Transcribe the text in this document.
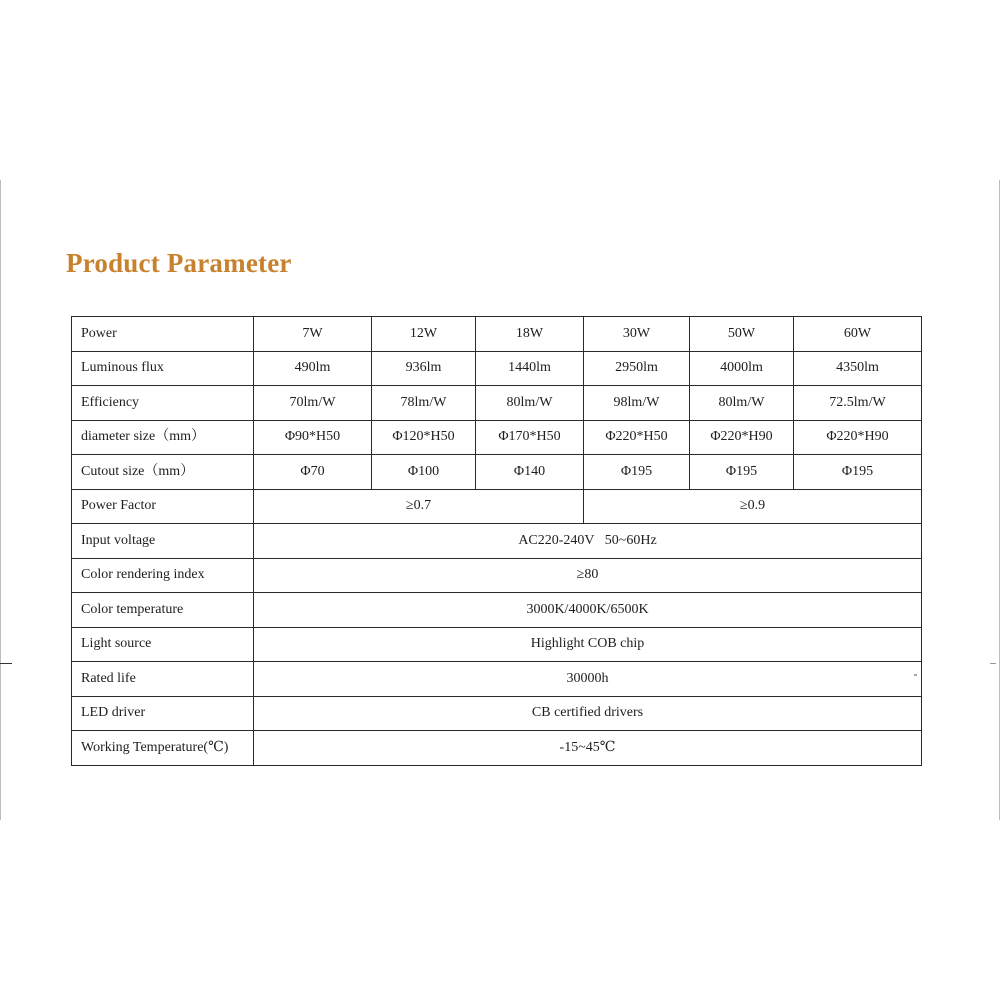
Product Parameter
Power	7W	12W	18W	30W	50W	60W
Luminous flux	490lm	936lm	1440lm	2950lm	4000lm	4350lm
Efficiency	70lm/W	78lm/W	80lm/W	98lm/W	80lm/W	72.5lm/W
diameter size（mm）	Φ90*H50	Φ120*H50	Φ170*H50	Φ220*H50	Φ220*H90	Φ220*H90
Cutout size（mm）	Φ70	Φ100	Φ140	Φ195	Φ195	Φ195
Power Factor	≥0.7			≥0.9		
Input voltage	AC220-240V   50~60Hz					
Color rendering index	≥80					
Color temperature	3000K/4000K/6500K					
Light source	Highlight COB chip					
Rated life	30000h					
LED driver	CB certified drivers					
Working Temperature(℃)	-15~45℃					
